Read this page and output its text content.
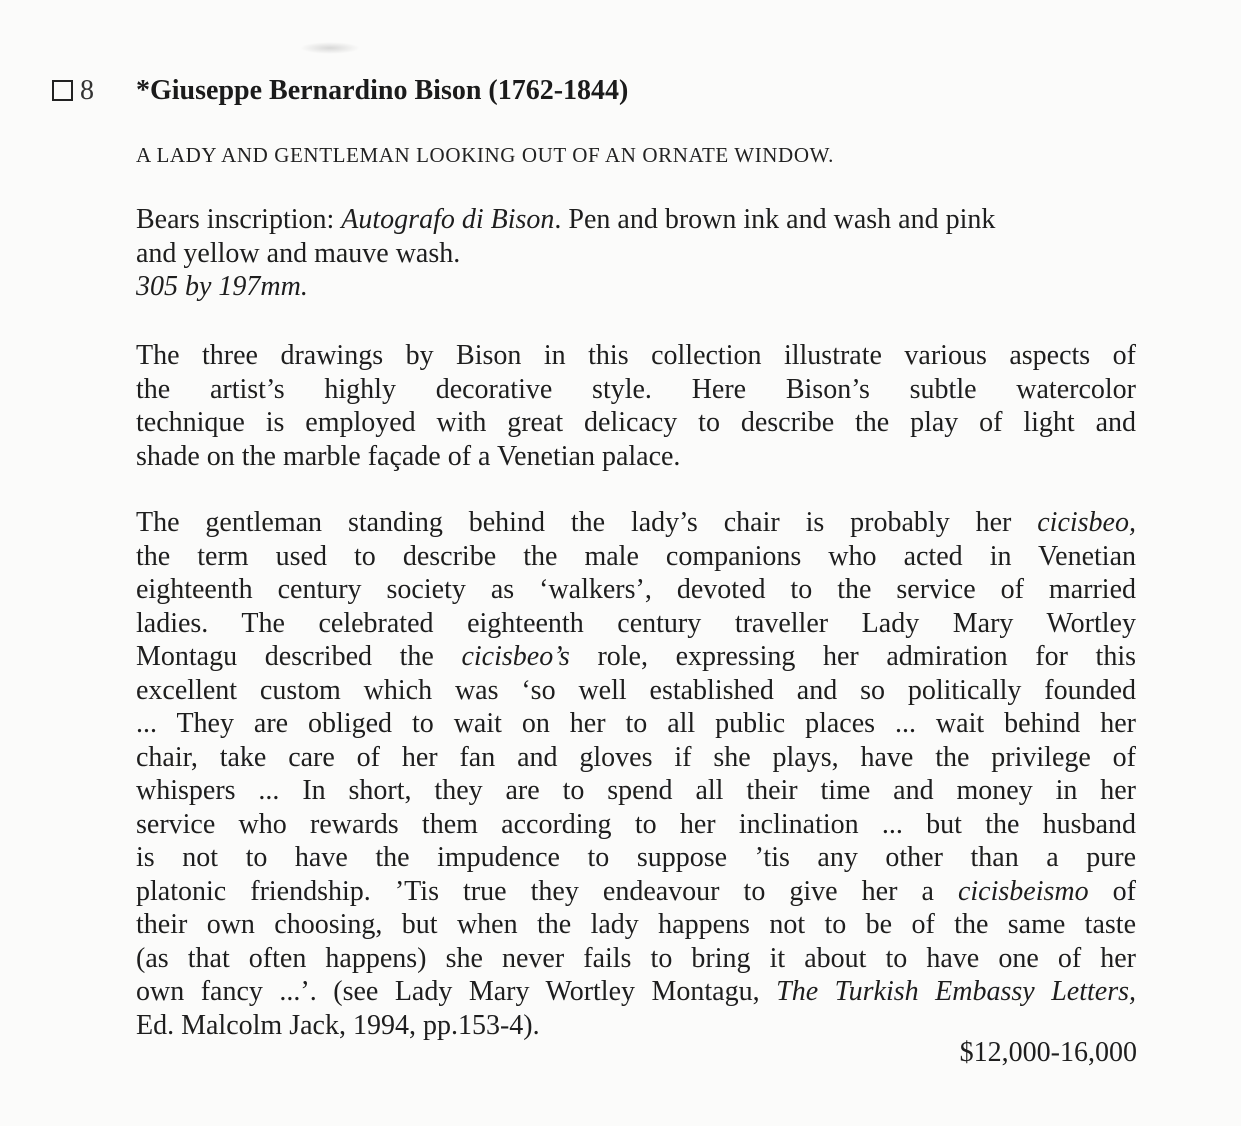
8 *Giuseppe Bernardino Bison (1762-1844)
A LADY AND GENTLEMAN LOOKING OUT OF AN ORNATE WINDOW.
Bears inscription: Autografo di Bison. Pen and brown ink and wash and pink
and yellow and mauve wash.
305 by 197mm.
The three drawings by Bison in this collection illustrate various aspects of
the artist’s highly decorative style. Here Bison’s subtle watercolor
technique is employed with great delicacy to describe the play of light and
shade on the marble façade of a Venetian palace.
The gentleman standing behind the lady’s chair is probably her cicisbeo,
the term used to describe the male companions who acted in Venetian
eighteenth century society as ‘walkers’, devoted to the service of married
ladies. The celebrated eighteenth century traveller Lady Mary Wortley
Montagu described the cicisbeo’s role, expressing her admiration for this
excellent custom which was ‘so well established and so politically founded
... They are obliged to wait on her to all public places ... wait behind her
chair, take care of her fan and gloves if she plays, have the privilege of
whispers ... In short, they are to spend all their time and money in her
service who rewards them according to her inclination ... but the husband
is not to have the impudence to suppose ’tis any other than a pure
platonic friendship. ’Tis true they endeavour to give her a cicisbeismo of
their own choosing, but when the lady happens not to be of the same taste
(as that often happens) she never fails to bring it about to have one of her
own fancy ...’. (see Lady Mary Wortley Montagu, The Turkish Embassy Letters,
Ed. Malcolm Jack, 1994, pp.153-4).
$12,000-16,000
